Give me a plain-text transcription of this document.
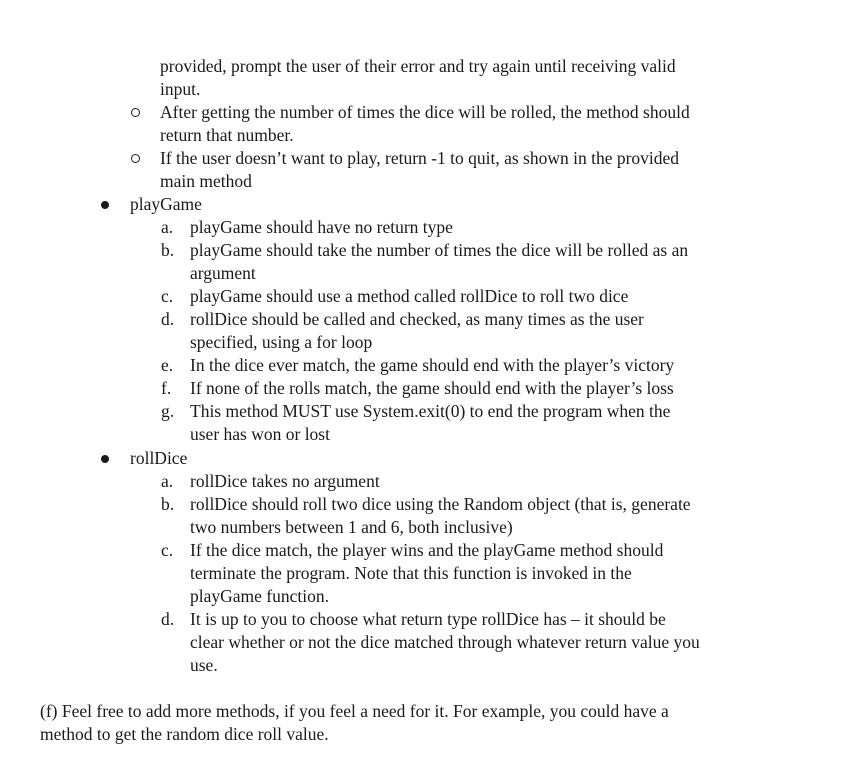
provided, prompt the user of their error and try again until receiving valid
input.
After getting the number of times the dice will be rolled, the method should
return that number.
If the user doesn’t want to play, return -1 to quit, as shown in the provided
main method
playGame
a. playGame should have no return type
b. playGame should take the number of times the dice will be rolled as an
argument
c. playGame should use a method called rollDice to roll two dice
d. rollDice should be called and checked, as many times as the user
specified, using a for loop
e. In the dice ever match, the game should end with the player’s victory
f. If none of the rolls match, the game should end with the player’s loss
g. This method MUST use System.exit(0) to end the program when the
user has won or lost
rollDice
a. rollDice takes no argument
b. rollDice should roll two dice using the Random object (that is, generate
two numbers between 1 and 6, both inclusive)
c. If the dice match, the player wins and the playGame method should
terminate the program. Note that this function is invoked in the
playGame function.
d. It is up to you to choose what return type rollDice has – it should be
clear whether or not the dice matched through whatever return value you
use.
(f) Feel free to add more methods, if you feel a need for it. For example, you could have a
method to get the random dice roll value.
